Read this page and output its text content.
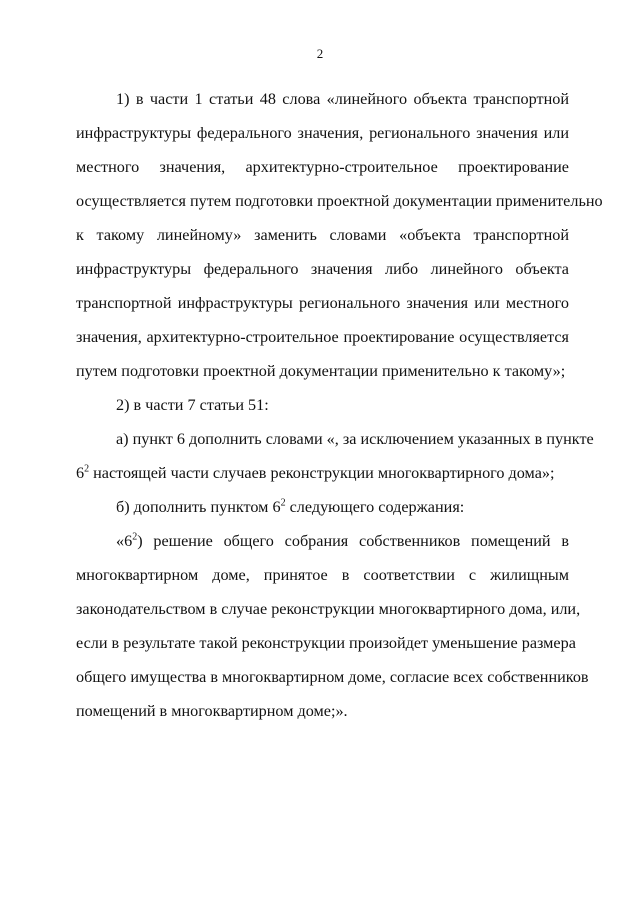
2
1) в части 1 статьи 48 слова «линейного объекта транспортной
инфраструктуры федерального значения, регионального значения или
местного значения, архитектурно-строительное проектирование
осуществляется путем подготовки проектной документации применительно
к такому линейному» заменить словами «объекта транспортной
инфраструктуры федерального значения либо линейного объекта
транспортной инфраструктуры регионального значения или местного
значения, архитектурно-строительное проектирование осуществляется
путем подготовки проектной документации применительно к такому»;
2) в части 7 статьи 51:
а) пункт 6 дополнить словами «, за исключением указанных в пункте
$6^2$ настоящей части случаев реконструкции многоквартирного дома»;
б) дополнить пунктом $6^2$ следующего содержания:
«$6^2$) решение общего собрания собственников помещений в
многоквартирном доме, принятое в соответствии с жилищным
законодательством в случае реконструкции многоквартирного дома, или,
если в результате такой реконструкции произойдет уменьшение размера
общего имущества в многоквартирном доме, согласие всех собственников
помещений в многоквартирном доме;».
